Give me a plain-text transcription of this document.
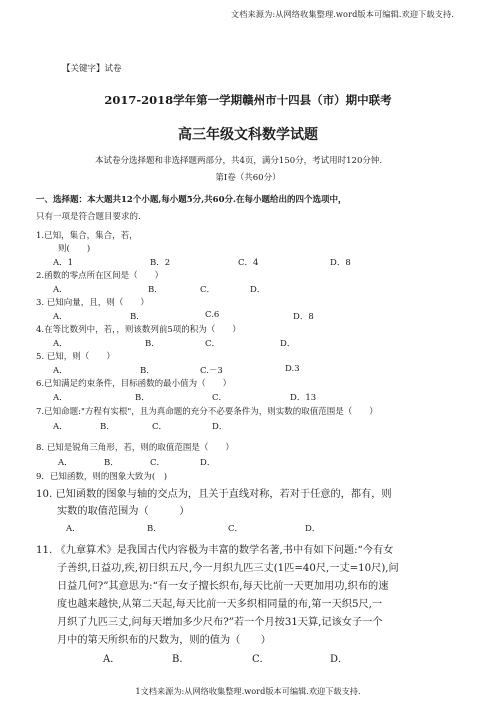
文档来源为:从网络收集整理.word版本可编辑.欢迎下载支持.
【关键字】试卷
2017-2018学年第一学期赣州市十四县（市）期中联考
高三年级文科数学试题
本试卷分选择题和非选择题两部分，共4页，满分150分，考试用时120分钟.
第Ⅰ卷（共60分）
一、选择题：本大题共12个小题,每小题5分,共60分.在每小题给出的四个选项中，
只有一项是符合题目要求的.
1.已知，集合，集合，若，
则(　　)
A．1	B．2	C．4	D．8
2.函数的零点所在区间是（　　）
A．	B．	C．	D．
3. 已知向量，且，则（　　）
A．	B．	C.6	D．8
4.在等比数列中，若，，则该数列前5项的积为（　　）
A．	B．	C．	D．
5. 已知，则（　　）
A．	B．	C.－3	D.3
6.已知满足约束条件，目标函数的最小值为（　　）
A．	B．	C．	D．13
7.已知命题:"方程有实根"，且为真命题的充分不必要条件为，则实数的取值范围是（　　）
A．	B．	C．	D．
8. 已知是锐角三角形，若，则的取值范围是（　　）
A．	B．	C．	D．
9．已知函数，则的图象大致为(　)
10. 已知函数的图象与轴的交点为，且关于直线对称，若对于任意的，都有，则
实数的取值范围为（　　　）
A．	B．	C．	D．
11. 《九章算术》是我国古代内容极为丰富的数学名著,书中有如下问题:“今有女
子善织,日益功,疾,初日织五尺,今一月织九匹三丈(1匹=40尺,一丈=10尺),问
日益几何?”其意思为:“有一女子擅长织布,每天比前一天更加用功,织布的速
度也越来越快,从第二天起,每天比前一天多织相同量的布,第一天织5尺,一
月织了九匹三丈,问每天增加多少尺布?”若一个月按31天算,记该女子一个
月中的第天所织布的尺数为，则的值为（　　）
A．	B．	C．	D．
1文档来源为:从网络收集整理.word版本可编辑.欢迎下载支持.
